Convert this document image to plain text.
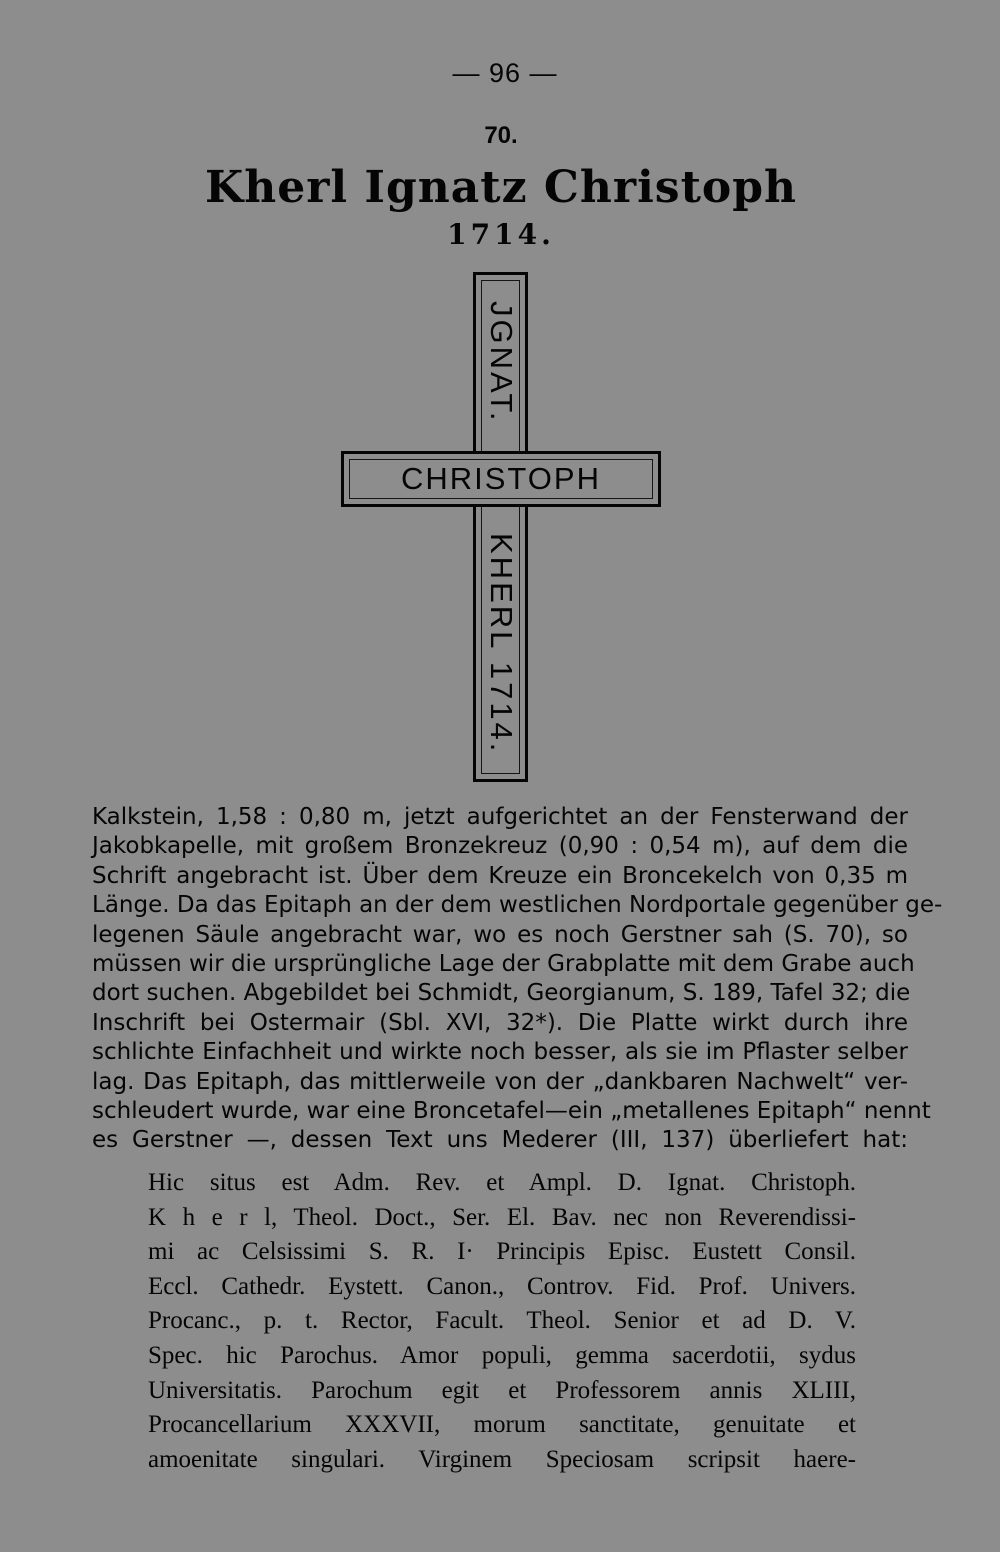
— 96 —
70.
Kherl Ignatz Christoph
1714.
CHRISTOPH
JGNAT.
KHERL 1714.

Kalkstein, 1,58 : 0,80 m, jetzt aufgerichtet an der Fensterwand der
Jakobkapelle, mit großem Bronzekreuz (0,90 : 0,54 m), auf dem die
Schrift angebracht ist. Über dem Kreuze ein Broncekelch von 0,35 m
Länge. Da das Epitaph an der dem westlichen Nordportale gegenüber ge-
legenen Säule angebracht war, wo es noch Gerstner sah (S. 70), so
müssen wir die ursprüngliche Lage der Grabplatte mit dem Grabe auch
dort suchen. Abgebildet bei Schmidt, Georgianum, S. 189, Tafel 32; die
Inschrift bei Ostermair (Sbl. XVI, 32*). Die Platte wirkt durch ihre
schlichte Einfachheit und wirkte noch besser, als sie im Pflaster selber
lag. Das Epitaph, das mittlerweile von der „dankbaren Nachwelt“ ver-
schleudert wurde, war eine Broncetafel—ein „metallenes Epitaph“ nennt
es Gerstner —, dessen Text uns Mederer (III, 137) überliefert hat:

Hic situs est Adm. Rev. et Ampl. D. Ignat. Christoph.
K h e r l, Theol. Doct., Ser. El. Bav. nec non Reverendissi-
mi ac Celsissimi S. R. I· Principis Episc. Eustett Consil.
Eccl. Cathedr. Eystett. Canon., Controv. Fid. Prof. Univers.
Procanc., p. t. Rector, Facult. Theol. Senior et ad D. V.
Spec. hic Parochus. Amor populi, gemma sacerdotii, sydus
Universitatis. Parochum egit et Professorem annis XLIII,
Procancellarium XXXVII, morum sanctitate, genuitate et
amoenitate singulari. Virginem Speciosam scripsit haere-
